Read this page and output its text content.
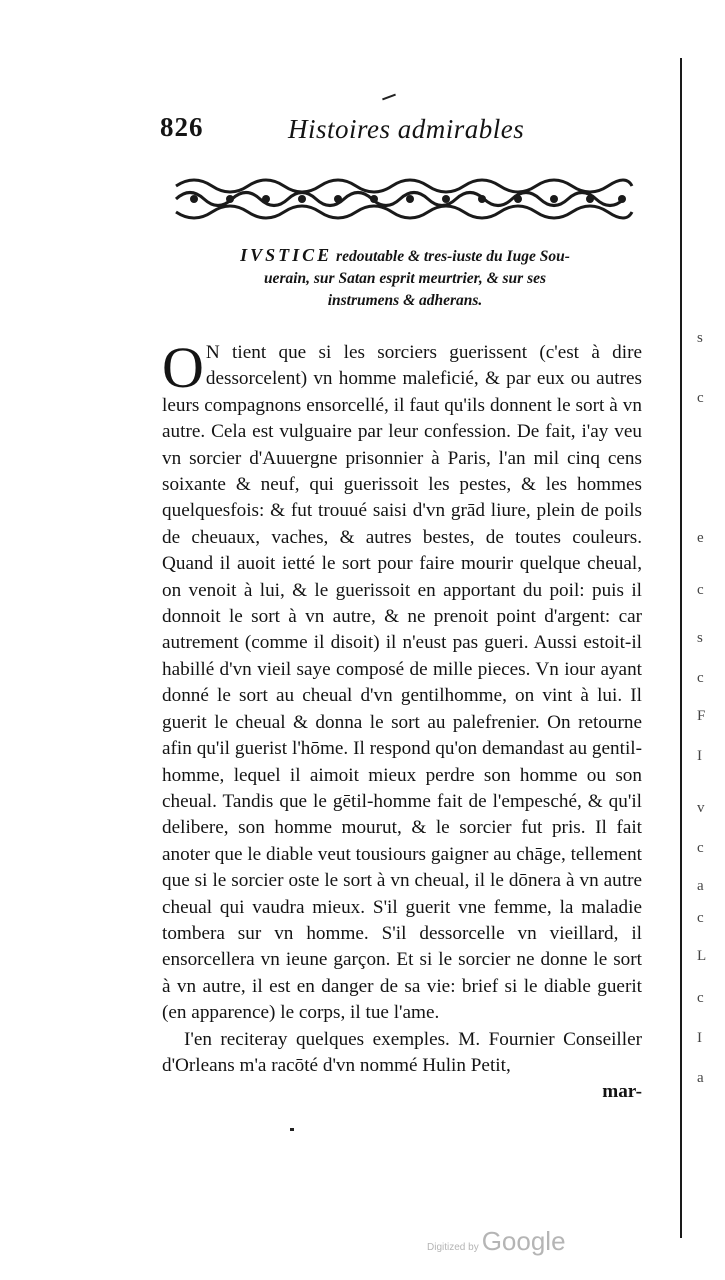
826	Histoires admirables
IVSTICE redoutable & tres-iuste du Iuge Sou-
uerain, sur Satan esprit meurtrier, & sur ses
instrumens & adherans.

O N tient que si les sorciers guerissent (c'est à dire dessorcelent) vn homme maleficié, & par eux ou autres leurs compagnons ensorcellé, il faut qu'ils donnent le sort à vn autre. Cela est vulguaire par leur confession. De fait, i'ay veu vn sorcier d'Auuergne prisonnier à Paris, l'an mil cinq cens soixante & neuf, qui guerissoit les pestes, & les hommes quelquesfois: & fut trouué saisi d'vn grād liure, plein de poils de cheuaux, vaches, & autres bestes, de toutes couleurs. Quand il auoit ietté le sort pour faire mourir quelque cheual, on venoit à lui, & le guerissoit en apportant du poil: puis il donnoit le sort à vn autre, & ne prenoit point d'argent: car autrement (comme il disoit) il n'eust pas gueri. Aussi estoit-il habillé d'vn vieil saye composé de mille pieces. Vn iour ayant donné le sort au cheual d'vn gentilhomme, on vint à lui. Il guerit le cheual & donna le sort au palefrenier. On retourne afin qu'il guerist l'hōme. Il respond qu'on demandast au gentil-homme, lequel il aimoit mieux perdre son homme ou son cheual. Tandis que le gētil-homme fait de l'empesché, & qu'il delibere, son homme mourut, & le sorcier fut pris. Il fait anoter que le diable veut tousiours gaigner au chāge, tellement que si le sorcier oste le sort à vn cheual, il le dōnera à vn autre cheual qui vaudra mieux. S'il guerit vne femme, la maladie tombera sur vn homme. S'il dessorcelle vn vieillard, il ensorcellera vn ieune garçon. Et si le sorcier ne donne le sort à vn autre, il est en danger de sa vie: brief si le diable guerit (en apparence) le corps, il tue l'ame.

I'en reciteray quelques exemples. M. Fournier Conseiller d'Orleans m'a racōté d'vn nommé Hulin Petit,

mar-
s
c
e
c
s
c
F
I
v
c
a
c
L
c
I
a
Digitized by Google
